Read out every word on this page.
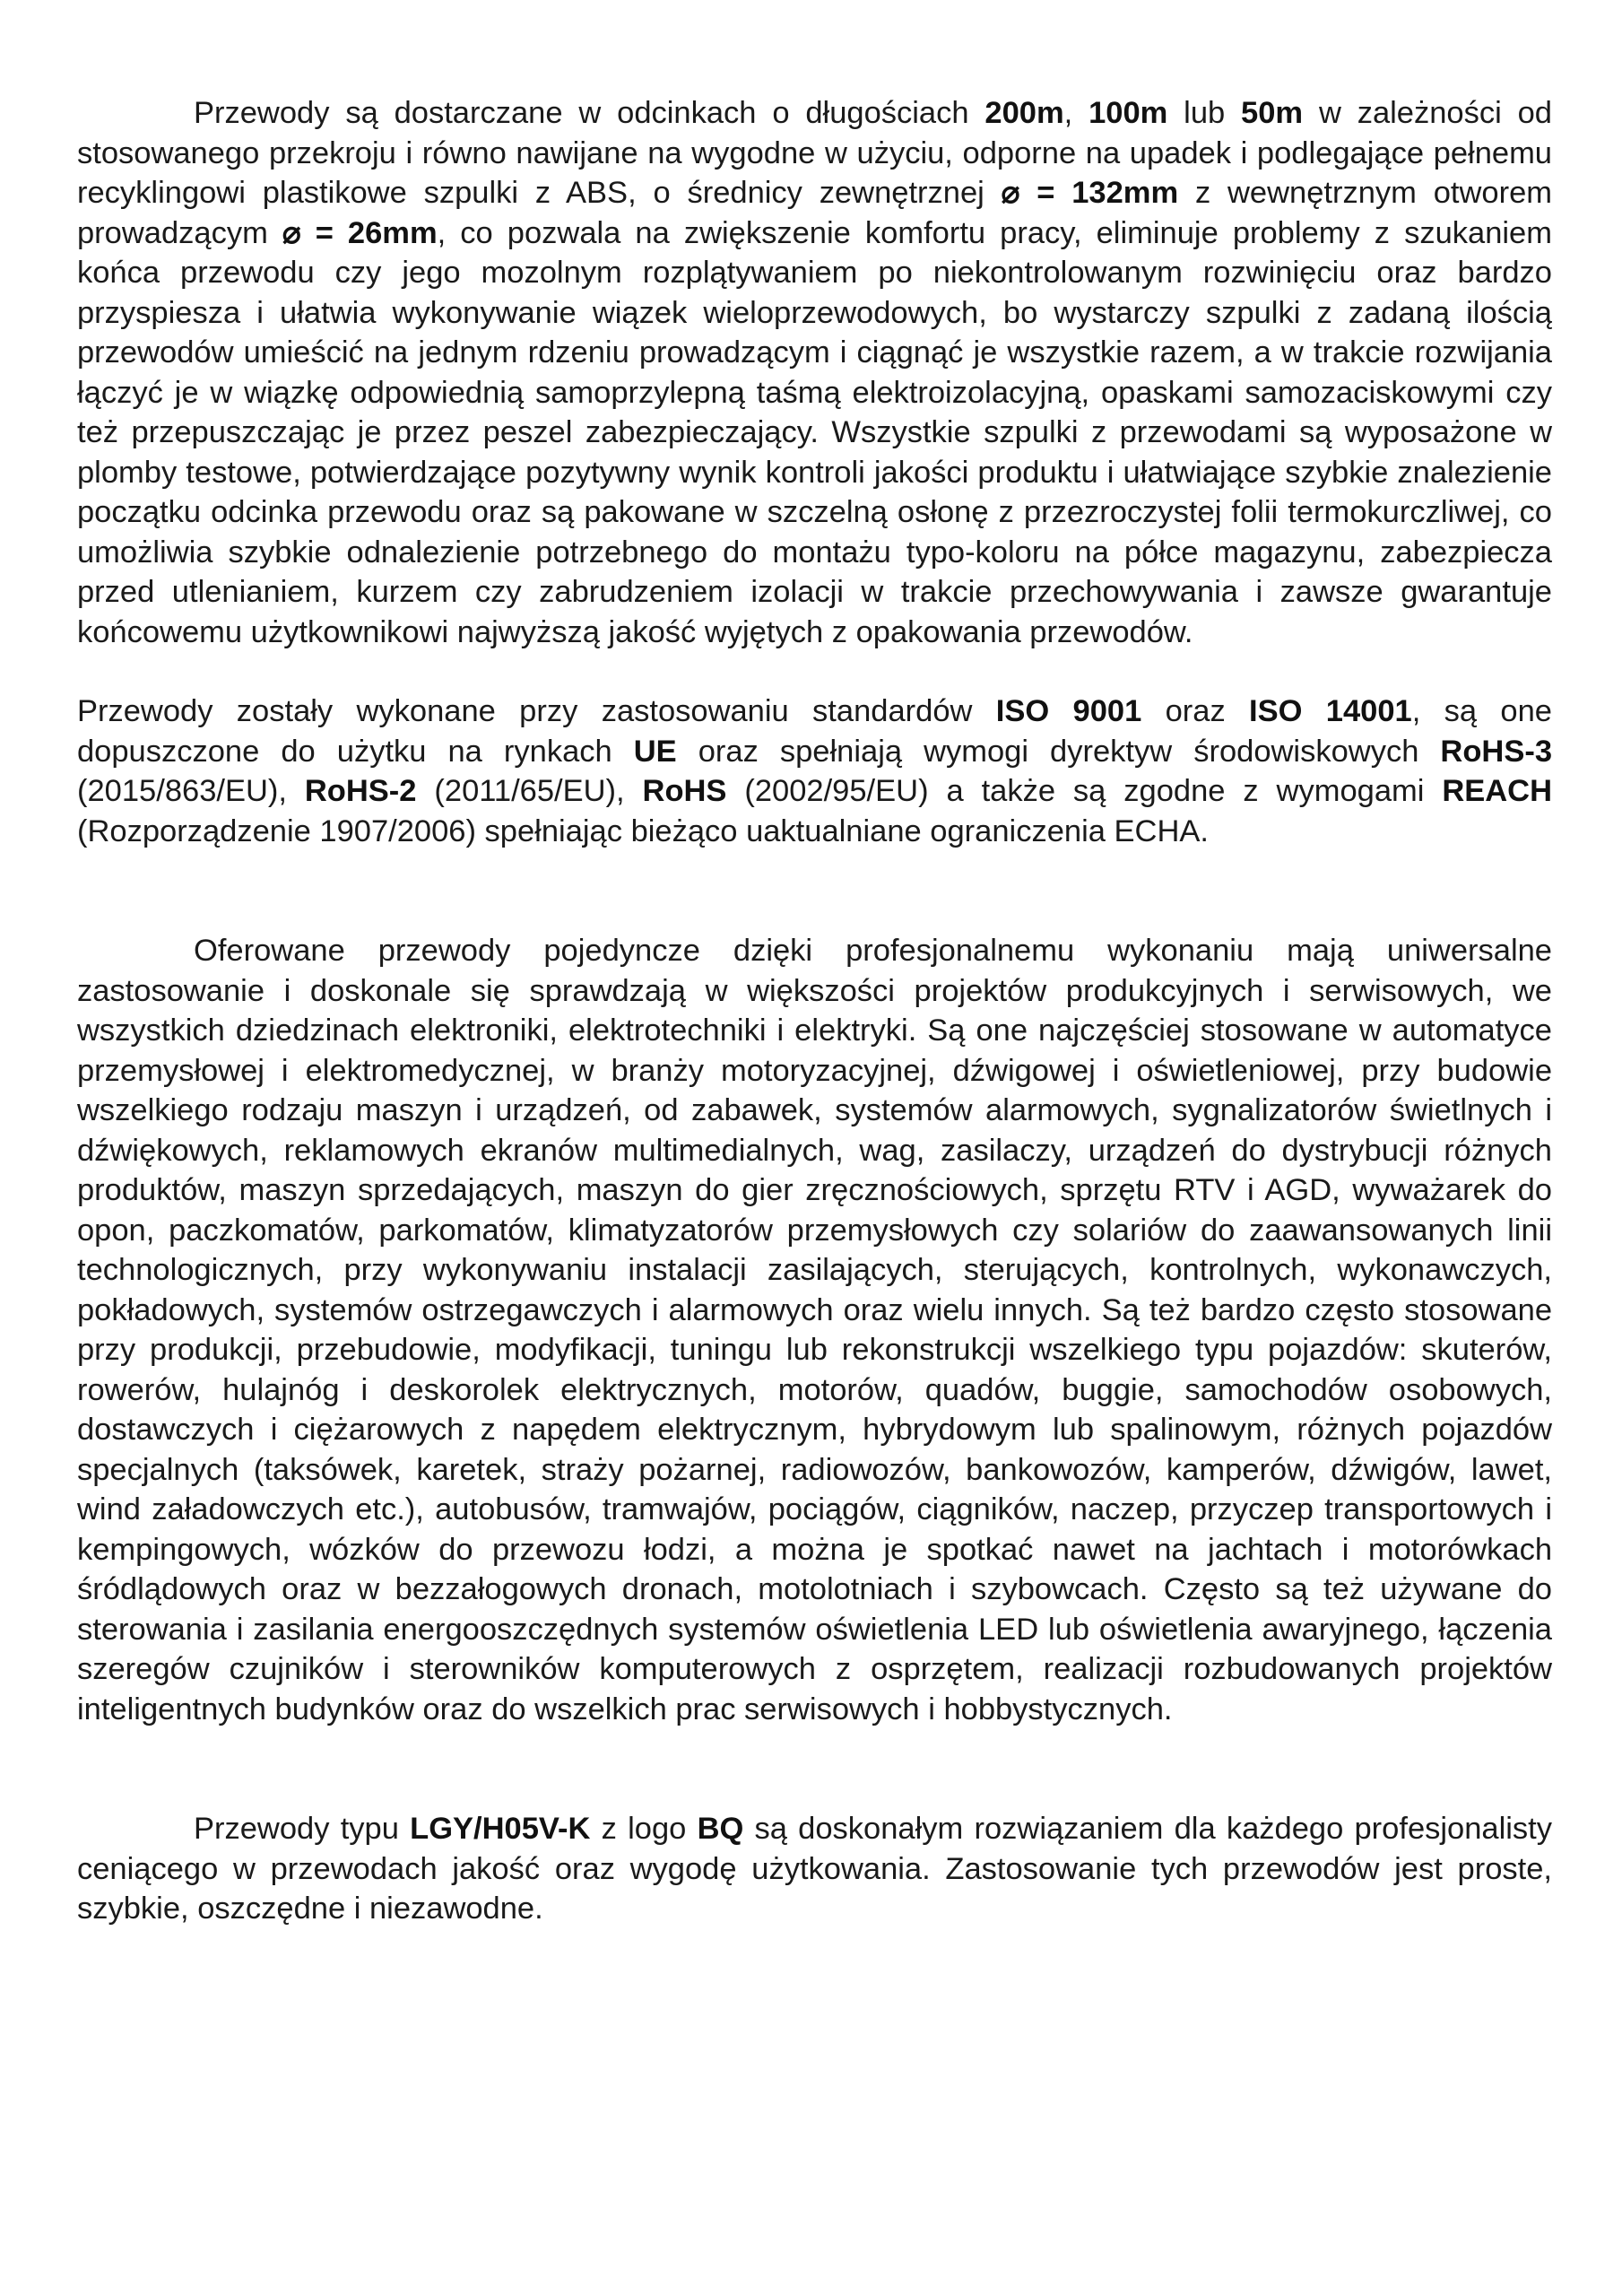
Przewody są dostarczane w odcinkach o długościach 200m, 100m lub 50m w zależności od stosowanego przekroju i równo nawijane na wygodne w użyciu, odporne na upadek i podlegające pełnemu recyklingowi plastikowe szpulki z ABS, o średnicy zewnętrznej ⌀ = 132mm z wewnętrznym otworem prowadzącym ⌀ = 26mm, co pozwala na zwiększenie komfortu pracy, eliminuje problemy z szukaniem końca przewodu czy jego mozolnym rozplątywaniem po niekontrolowanym rozwinięciu oraz bardzo przyspiesza i ułatwia wykonywanie wiązek wieloprzewodowych, bo wystarczy szpulki z zadaną ilością przewodów umieścić na jednym rdzeniu prowadzącym i ciągnąć je wszystkie razem, a w trakcie rozwijania łączyć je w wiązkę odpowiednią samoprzylepną taśmą elektroizolacyjną, opaskami samozaciskowymi czy też przepuszczając je przez peszel zabezpieczający. Wszystkie szpulki z przewodami są wyposażone w plomby testowe, potwierdzające pozytywny wynik kontroli jakości produktu i ułatwiające szybkie znalezienie początku odcinka przewodu oraz są pakowane w szczelną osłonę z przezroczystej folii termokurczliwej, co umożliwia szybkie odnalezienie potrzebnego do montażu typo-koloru na półce magazynu, zabezpiecza przed utlenianiem, kurzem czy zabrudzeniem izolacji w trakcie przechowywania i zawsze gwarantuje końcowemu użytkownikowi najwyższą jakość wyjętych z opakowania przewodów.

Przewody zostały wykonane przy zastosowaniu standardów ISO 9001 oraz ISO 14001, są one dopuszczone do użytku na rynkach UE oraz spełniają wymogi dyrektyw środowiskowych RoHS-3 (2015/863/EU), RoHS-2 (2011/65/EU), RoHS (2002/95/EU) a także są zgodne z wymogami REACH (Rozporządzenie 1907/2006) spełniając bieżąco uaktualniane ograniczenia ECHA.

Oferowane przewody pojedyncze dzięki profesjonalnemu wykonaniu mają uniwersalne zastosowanie i doskonale się sprawdzają w większości projektów produkcyjnych i serwisowych, we wszystkich dziedzinach elektroniki, elektrotechniki i elektryki. Są one najczęściej stosowane w automatyce przemysłowej i elektromedycznej, w branży motoryzacyjnej, dźwigowej i oświetleniowej, przy budowie wszelkiego rodzaju maszyn i urządzeń, od zabawek, systemów alarmowych, sygnalizatorów świetlnych i dźwiękowych, reklamowych ekranów multimedialnych, wag, zasilaczy, urządzeń do dystrybucji różnych produktów, maszyn sprzedających, maszyn do gier zręcznościowych, sprzętu RTV i AGD, wyważarek do opon, paczkomatów, parkomatów, klimatyzatorów przemysłowych czy solariów do zaawansowanych linii technologicznych, przy wykonywaniu instalacji zasilających, sterujących, kontrolnych, wykonawczych, pokładowych, systemów ostrzegawczych i alarmowych oraz wielu innych. Są też bardzo często stosowane przy produkcji, przebudowie, modyfikacji, tuningu lub rekonstrukcji wszelkiego typu pojazdów: skuterów, rowerów, hulajnóg i deskorolek elektrycznych, motorów, quadów, buggie, samochodów osobowych, dostawczych i ciężarowych z napędem elektrycznym, hybrydowym lub spalinowym, różnych pojazdów specjalnych (taksówek, karetek, straży pożarnej, radiowozów, bankowozów, kamperów, dźwigów, lawet, wind załadowczych etc.), autobusów, tramwajów, pociągów, ciągników, naczep, przyczep transportowych i kempingowych, wózków do przewozu łodzi, a można je spotkać nawet na jachtach i motorówkach śródlądowych oraz w bezzałogowych dronach, motolotniach i szybowcach. Często są też używane do sterowania i zasilania energooszczędnych systemów oświetlenia LED lub oświetlenia awaryjnego, łączenia szeregów czujników i sterowników komputerowych z osprzętem, realizacji rozbudowanych projektów inteligentnych budynków oraz do wszelkich prac serwisowych i hobbystycznych.

Przewody typu LGY/H05V-K z logo BQ są doskonałym rozwiązaniem dla każdego profesjonalisty ceniącego w przewodach jakość oraz wygodę użytkowania. Zastosowanie tych przewodów jest proste, szybkie, oszczędne i niezawodne.
